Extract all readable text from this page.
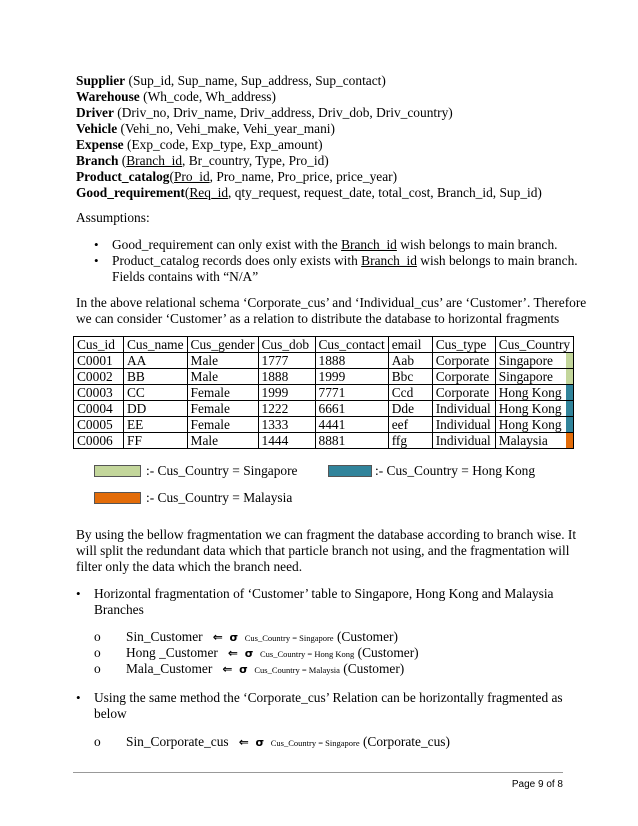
Supplier (Sup_id, Sup_name, Sup_address, Sup_contact)
Warehouse (Wh_code, Wh_address)
Driver (Driv_no, Driv_name, Driv_address, Driv_dob, Driv_country)
Vehicle (Vehi_no, Vehi_make, Vehi_year_mani)
Expense (Exp_code, Exp_type, Exp_amount)
Branch (Branch_id, Br_country, Type, Pro_id)
Product_catalog(Pro_id, Pro_name, Pro_price, price_year)
Good_requirement(Req_id, qty_request, request_date, total_cost, Branch_id, Sup_id)
Assumptions:
• Good_requirement can only exist with the Branch_id wish belongs to main branch.
• Product_catalog records does only exists with Branch_id wish belongs to main branch.
Fields contains with “N/A”
In the above relational schema ‘Corporate_cus’ and ‘Individual_cus’ are ‘Customer’. Therefore
we can consider ‘Customer’ as a relation to distribute the database to horizontal fragments
Cus_id	Cus_name	Cus_gender	Cus_dob	Cus_contact	email	Cus_type	Cus_Country
C0001	AA	Male	1777	1888	Aab	Corporate	Singapore
C0002	BB	Male	1888	1999	Bbc	Corporate	Singapore
C0003	CC	Female	1999	7771	Ccd	Corporate	Hong Kong
C0004	DD	Female	1222	6661	Dde	Individual	Hong Kong
C0005	EE	Female	1333	4441	eef	Individual	Hong Kong
C0006	FF	Male	1444	8881	ffg	Individual	Malaysia
:- Cus_Country = Singapore	:- Cus_Country = Hong Kong
:- Cus_Country = Malaysia
By using the bellow fragmentation we can fragment the database according to branch wise. It
will split the redundant data which that particle branch not using, and the fragmentation will
filter only the data which the branch need.
• Horizontal fragmentation of ‘Customer’ table to Singapore, Hong Kong and Malaysia
Branches
o Sin_Customer ⇐ σ Cus_Country = Singapore (Customer)
o Hong _Customer ⇐ σ Cus_Country = Hong Kong (Customer)
o Mala_Customer ⇐ σ Cus_Country = Malaysia (Customer)
• Using the same method the ‘Corporate_cus’ Relation can be horizontally fragmented as
below
o Sin_Corporate_cus ⇐ σ Cus_Country = Singapore (Corporate_cus)
Page 9 of 8
